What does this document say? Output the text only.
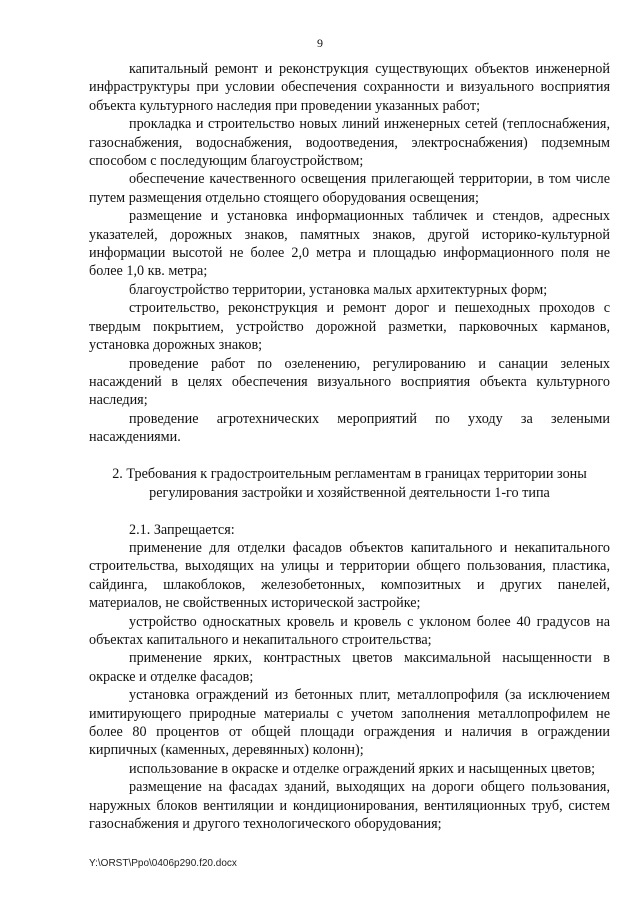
9

капитальный ремонт и реконструкция существующих объектов инженерной инфраструктуры при условии обеспечения сохранности и визуального восприятия объекта культурного наследия при проведении указанных работ;

прокладка и строительство новых линий инженерных сетей (теплоснабжения, газоснабжения, водоснабжения, водоотведения, электроснабжения) подземным способом с последующим благоустройством;

обеспечение качественного освещения прилегающей территории, в том числе путем размещения отдельно стоящего оборудования освещения;

размещение и установка информационных табличек и стендов, адресных указателей, дорожных знаков, памятных знаков, другой историко-культурной информации высотой не более 2,0 метра и площадью информационного поля не более 1,0 кв. метра;

благоустройство территории, установка малых архитектурных форм;

строительство, реконструкция и ремонт дорог и пешеходных проходов с твердым покрытием, устройство дорожной разметки, парковочных карманов, установка дорожных знаков;

проведение работ по озеленению, регулированию и санации зеленых насаждений в целях обеспечения визуального восприятия объекта культурного наследия;

проведение агротехнических мероприятий по уходу за зелеными насаждениями.

2. Требования к градостроительным регламентам в границах территории зоны регулирования застройки и хозяйственной деятельности 1-го типа

2.1. Запрещается:

применение для отделки фасадов объектов капитального и некапитального строительства, выходящих на улицы и территории общего пользования, пластика, сайдинга, шлакоблоков, железобетонных, композитных и других панелей, материалов, не свойственных исторической застройке;

устройство односкатных кровель и кровель с уклоном более 40 градусов на объектах капитального и некапитального строительства;

применение ярких, контрастных цветов максимальной насыщенности в окраске и отделке фасадов;

установка ограждений из бетонных плит, металлопрофиля (за исключением имитирующего природные материалы с учетом заполнения металлопрофилем не более 80 процентов от общей площади ограждения и наличия в ограждении кирпичных (каменных, деревянных) колонн);

использование в окраске и отделке ограждений ярких и насыщенных цветов;

размещение на фасадах зданий, выходящих на дороги общего пользования, наружных блоков вентиляции и кондиционирования, вентиляционных труб, систем газоснабжения и другого технологического оборудования;

Y:\ORST\Ppo\0406p290.f20.docx
